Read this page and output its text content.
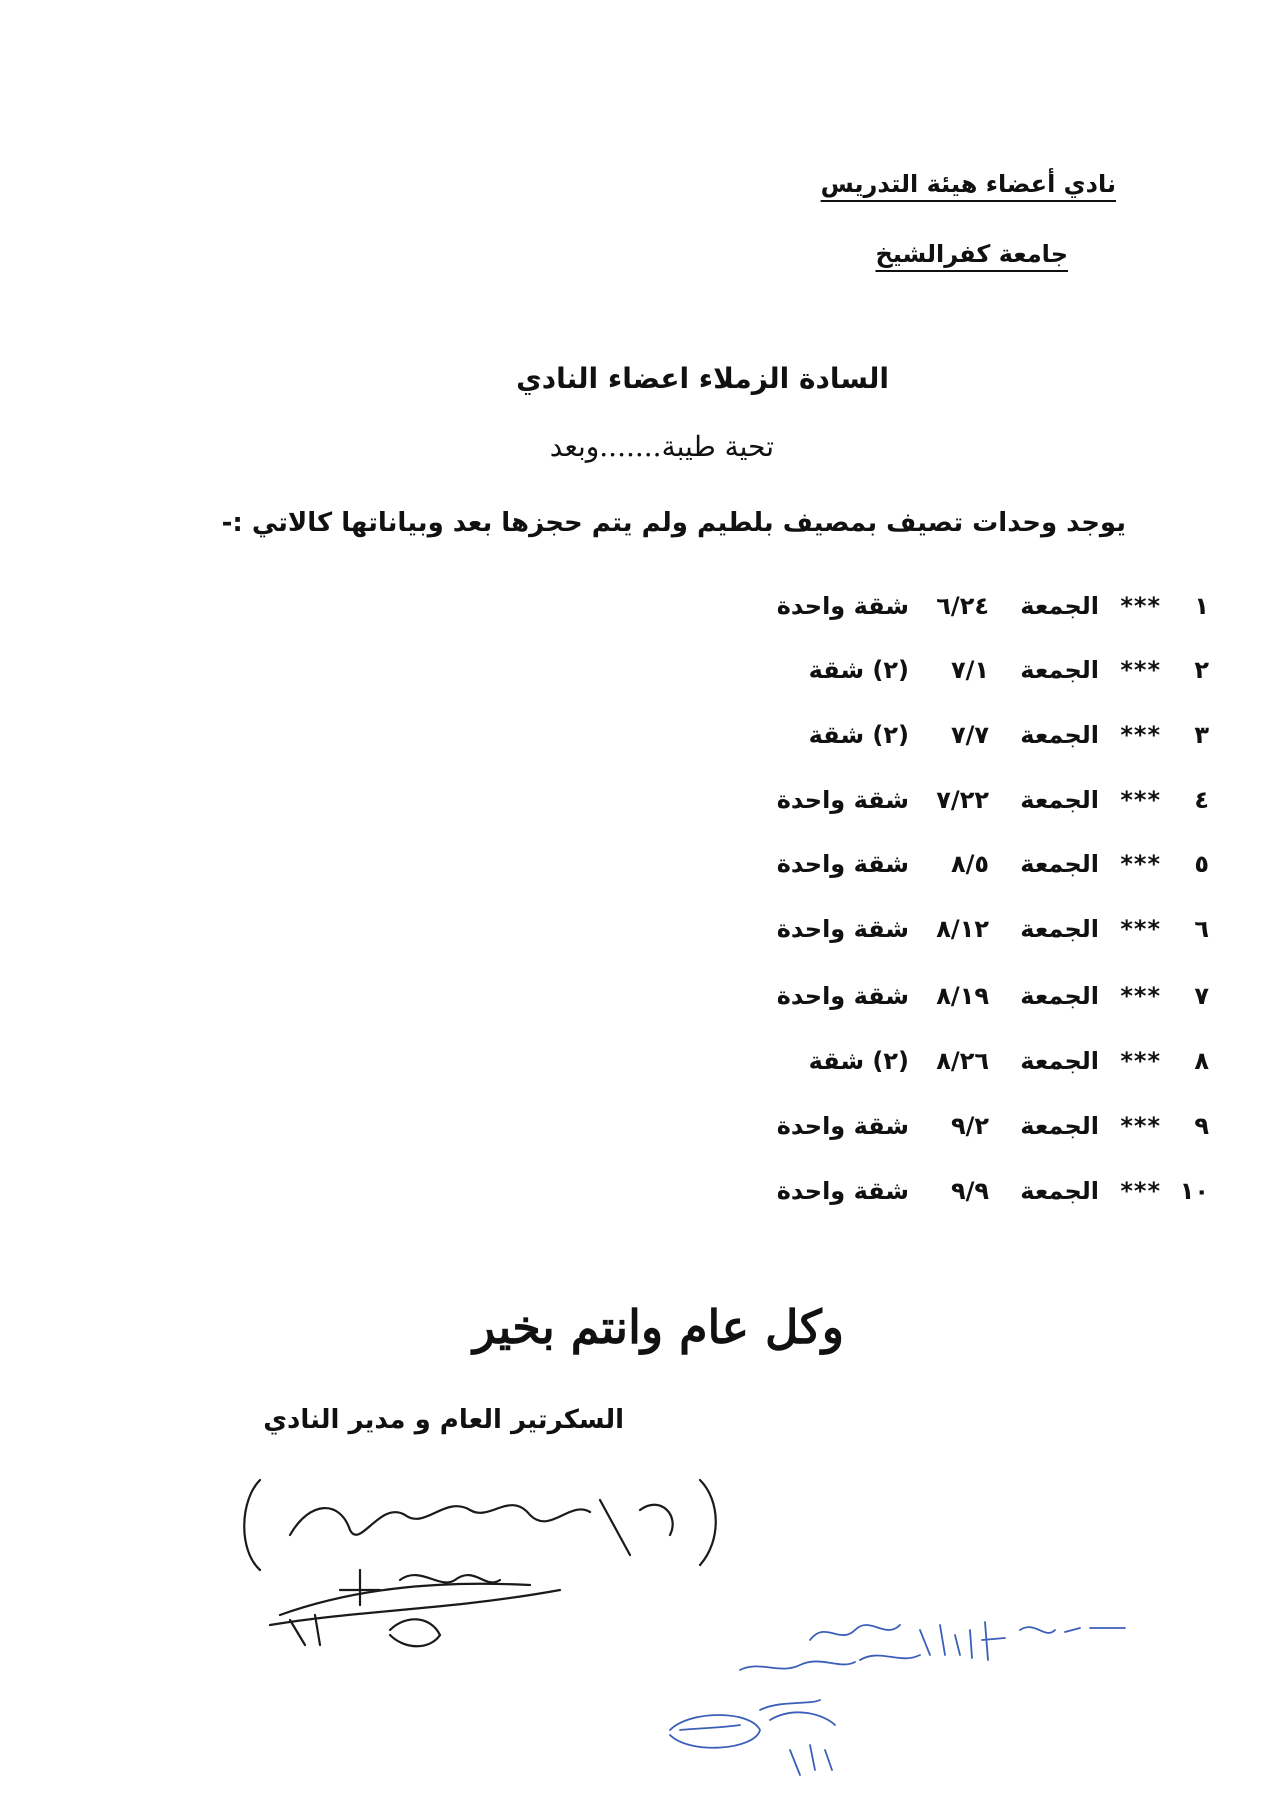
نادي أعضاء هيئة التدريس
جامعة كفرالشيخ
السادة الزملاء اعضاء النادي
تحية طيبة.......وبعد
يوجد وحدات تصيف بمصيف بلطيم ولم يتم حجزها بعد وبياناتها كالاتي :-
١
***
الجمعة
٦/٢٤
شقة واحدة
٢
***
الجمعة
٧/١
(٢) شقة
٣
***
الجمعة
٧/٧
(٢) شقة
٤
***
الجمعة
٧/٢٢
شقة واحدة
٥
***
الجمعة
٨/٥
شقة واحدة
٦
***
الجمعة
٨/١٢
شقة واحدة
٧
***
الجمعة
٨/١٩
شقة واحدة
٨
***
الجمعة
٨/٢٦
(٢) شقة
٩
***
الجمعة
٩/٢
شقة واحدة
١٠
***
الجمعة
٩/٩
شقة واحدة
وكل عام وانتم بخير
السكرتير العام و مدير النادي
